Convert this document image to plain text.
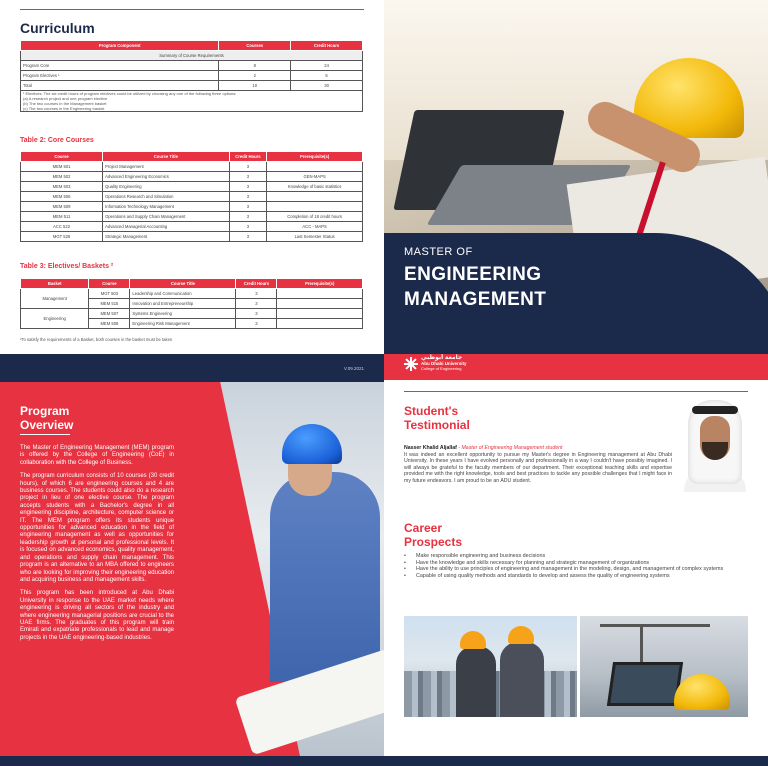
Curriculum
Program Component	Courses	Credit Hours
Summary of Course Requirements		
Program Core	8	24
Program Electives ¹	2	6
Total	10	30

¹ Electives: The six credit hours of program electives could be utilized by choosing any one of the following three options:
(a) A research project and one program elective
(b) The two courses in the Management basket
(c) The two courses in the Engineering basket		
Table 2: Core Courses
Course	Course Title	Credit Hours	Prerequisite(s)
MEM 501	Project Management	3	
MEM 502	Advanced Engineering Economics	3	GEN-MAPS
MEM 503	Quality Engineering	3	Knowledge of basic statistics
MEM 506	Operations Research and Simulation	3	
MEM 509	Information Technology Management	3	
MEM 511	Operations and Supply Chain Management	3	Completion of 18 credit hours
ACC 522	Advanced Managerial Accounting	3	ACC - MAPS
MGT 526	Strategic Management	3	Last Semester Status
Table 3: Electives/ Baskets ²
Basket	Course	Course Title	Credit Hours	Prerequisite(s)
Management	MGT 503	Leadership and Communication	3	
	MEM 515	Innovation and Entrepreneurship	3	
Engineering	MEM 507	Systems Engineering	3	
	MEM 508	Engineering Risk Management	3	
²To satisfy the requirements of a Basket, both courses in the basket must be taken
MASTER OF
ENGINEERING
MANAGEMENT
V.09.2021
جامعة أبوظبي
Abu Dhabi University
College of Engineering
Program
Overview

The Master of Engineering Management (MEM) program is offered by the College of Engineering (CoE) in collaboration with the College of Business.

The program curriculum consists of 10 courses (30 credit hours), of which 6 are engineering courses and 4 are business courses. The students could also do a research project in lieu of one elective course. The program accepts students with a Bachelor's degree in all engineering discipline, architecture, computer science or IT. The MEM program offers its students unique opportunities for advanced education in the field of engineering management as well as opportunities for leadership growth at personal and professional levels. It is focused on advanced economics, quality management, and operations and supply chain management. This program is an alternative to an MBA offered to engineers who are looking for improving their engineering education and acquiring business and management skills.

This program has been introduced at Abu Dhabi University in response to the UAE market needs where engineering is driving all sectors of the industry and where engineering managerial positions are crucial to the UAE firms. The graduates of this program will train Emirati and expatriate professionals to lead and manage projects in the UAE engineering-based industries.

Student's
Testimonial
Nasser Khalid Aljallaf - Master of Engineering Management student
It was indeed an excellent opportunity to pursue my Master's degree in Engineering management at Abu Dhabi University. In these years I have evolved personally and professionally in a way I couldn't have possibly imagined. I will always be grateful to the faculty members of our department. Their exceptional teaching skills and expertise provided me with the right knowledge, tools and best practices to tackle any possible challenges that I might face in my future endeavors. I am proud to be an ADU student.
Career
Prospects
• Make responsible engineering and business decisions
• Have the knowledge and skills necessary for planning and strategic management of organizations
• Have the ability to use principles of engineering and management in the modeling, design, and management of complex systems
• Capable of using quality methods and standards to develop and assess the quality of engineering systems
